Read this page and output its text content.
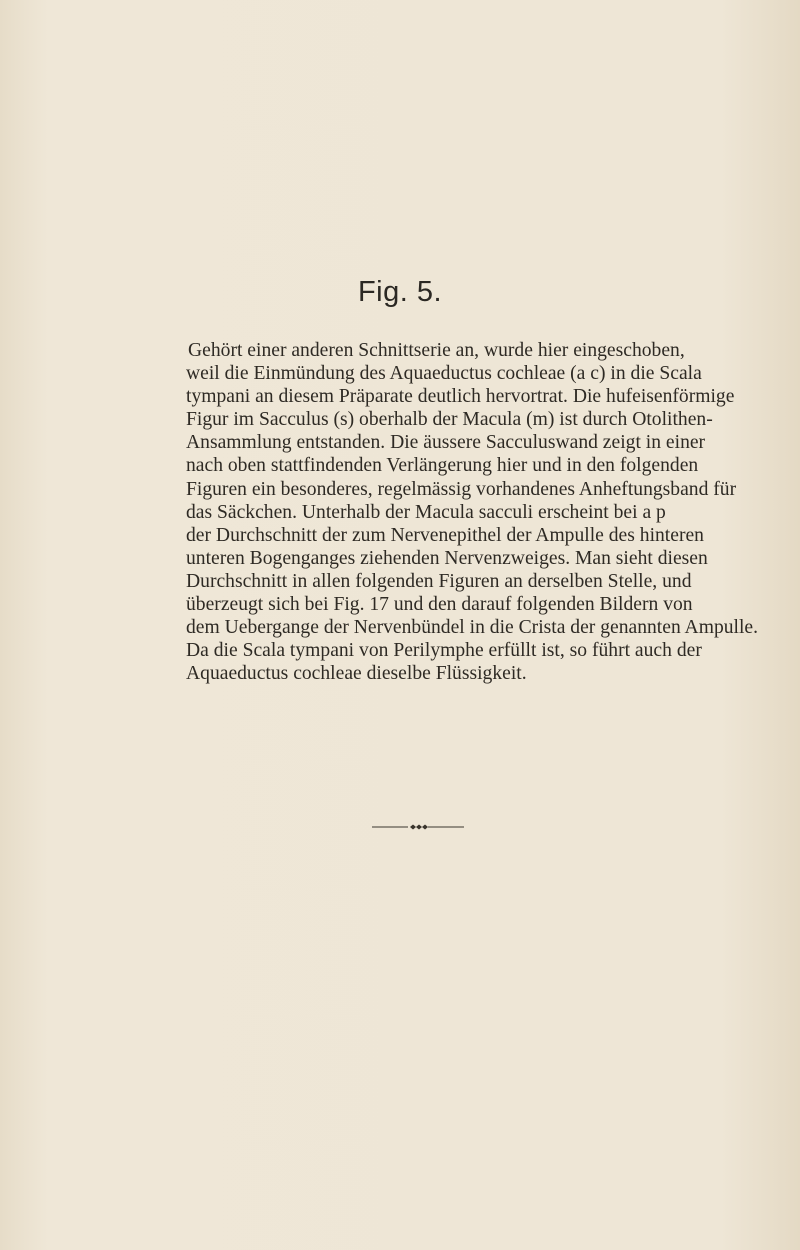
Fig. 5.
Gehört einer anderen Schnittserie an, wurde hier eingeschoben,
weil die Einmündung des Aquaeductus cochleae (a c) in die Scala
tympani an diesem Präparate deutlich hervortrat. Die hufeisenförmige
Figur im Sacculus (s) oberhalb der Macula (m) ist durch Otolithen-
Ansammlung entstanden. Die äussere Sacculuswand zeigt in einer
nach oben stattfindenden Verlängerung hier und in den folgenden
Figuren ein besonderes, regelmässig vorhandenes Anheftungsband für
das Säckchen. Unterhalb der Macula sacculi erscheint bei a p
der Durchschnitt der zum Nervenepithel der Ampulle des hinteren
unteren Bogenganges ziehenden Nervenzweiges. Man sieht diesen
Durchschnitt in allen folgenden Figuren an derselben Stelle, und
überzeugt sich bei Fig. 17 und den darauf folgenden Bildern von
dem Uebergange der Nervenbündel in die Crista der genannten Ampulle.
Da die Scala tympani von Perilymphe erfüllt ist, so führt auch der
Aquaeductus cochleae dieselbe Flüssigkeit.
